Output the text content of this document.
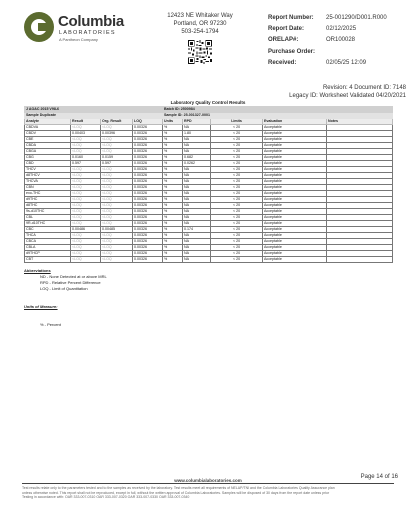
Columbia
LABORATORIES
A Pantheon Company
12423 NE Whitaker Way
Portland, OR 97230
503-254-1794
Report Number:	25-001290/D001.R000
Report Date:	02/12/2025
ORELAP#:	OR100028
Purchase Order:
Received:	02/05/25 12:09
Revision: 4 Document ID: 7148
Legacy ID: Worksheet Validated 04/20/2021
Laboratory Quality Control Results
J AOAC 2015 V98-6				Batch ID: 2500984				
Sample Duplicate				Sample ID: 25-001327-0001				
Analyte	Result	Org. Result	LOQ	Units	RPD	Limits	Evaluation	Notes
CBDVA	<LOQ	<LOQ	0.00326	%	NA	< 20	Acceptable	
CBDV	0.00403	0.00396	0.00326	%	1.80	< 20	Acceptable	
CBE	<LOQ	<LOQ	0.00326	%	NA	< 20	Acceptable	
CBDA	<LOQ	<LOQ	0.00326	%	NA	< 20	Acceptable	
CBGA	<LOQ	<LOQ	0.00326	%	NA	< 20	Acceptable	
CBG	0.0160	0.0159	0.00326	%	0.682	< 20	Acceptable	
CBD	0.597	0.597	0.00326	%	0.0262	< 20	Acceptable	
THCV	<LOQ	<LOQ	0.00326	%	NA	< 20	Acceptable	
d8THCV	<LOQ	<LOQ	0.00326	%	NA	< 20	Acceptable	
THCVA	<LOQ	<LOQ	0.00326	%	NA	< 20	Acceptable	
CBN	<LOQ	<LOQ	0.00326	%	NA	< 20	Acceptable	
exo-THC	<LOQ	<LOQ	0.00326	%	NA	< 20	Acceptable	
d9THC	<LOQ	<LOQ	0.00326	%	NA	< 20	Acceptable	
d8THC	<LOQ	<LOQ	0.00326	%	NA	< 20	Acceptable	
9s-d10THC	<LOQ	<LOQ	0.00326	%	NA	< 20	Acceptable	
CBL	<LOQ	<LOQ	0.00326	%	NA	< 20	Acceptable	
9R-d10THC	<LOQ	<LOQ	0.00326	%	NA	< 20	Acceptable	
CBC	0.00486	0.00485	0.00326	%	0.174	< 20	Acceptable	
THCA	<LOQ	<LOQ	0.00326	%	NA	< 20	Acceptable	
CBCA	<LOQ	<LOQ	0.00326	%	NA	< 20	Acceptable	
CBLA	<LOQ	<LOQ	0.00326	%	NA	< 20	Acceptable	
d9THCP	<LOQ	<LOQ	0.00326	%	NA	< 20	Acceptable	
CBT	<LOQ	<LOQ	0.00326	%	NA	< 20	Acceptable	
Abbreviations
ND - None Detected at or above MRL
RPD - Relative Percent Difference
LOQ - Limit of Quantitation
Units of Measure:
% - Percent
Page 14 of 16
www.columbialaboratories.com
Test results relate only to the parameters tested and to the samples as received by the laboratory. Test results meet all requirements of NELAP/TNI and the Columbia Laboratories Quality Assurance plan
unless otherwise noted. This report shall not be reproduced, except in full, without the written approval of Columbia Laboratories. Samples will be disposed of 30 days from the report date unless prior
Testing in accordance with: OAR 333-007-0310 OAR 333-007-0320 OAR 333-007-0330 OAR 333-007-0340
